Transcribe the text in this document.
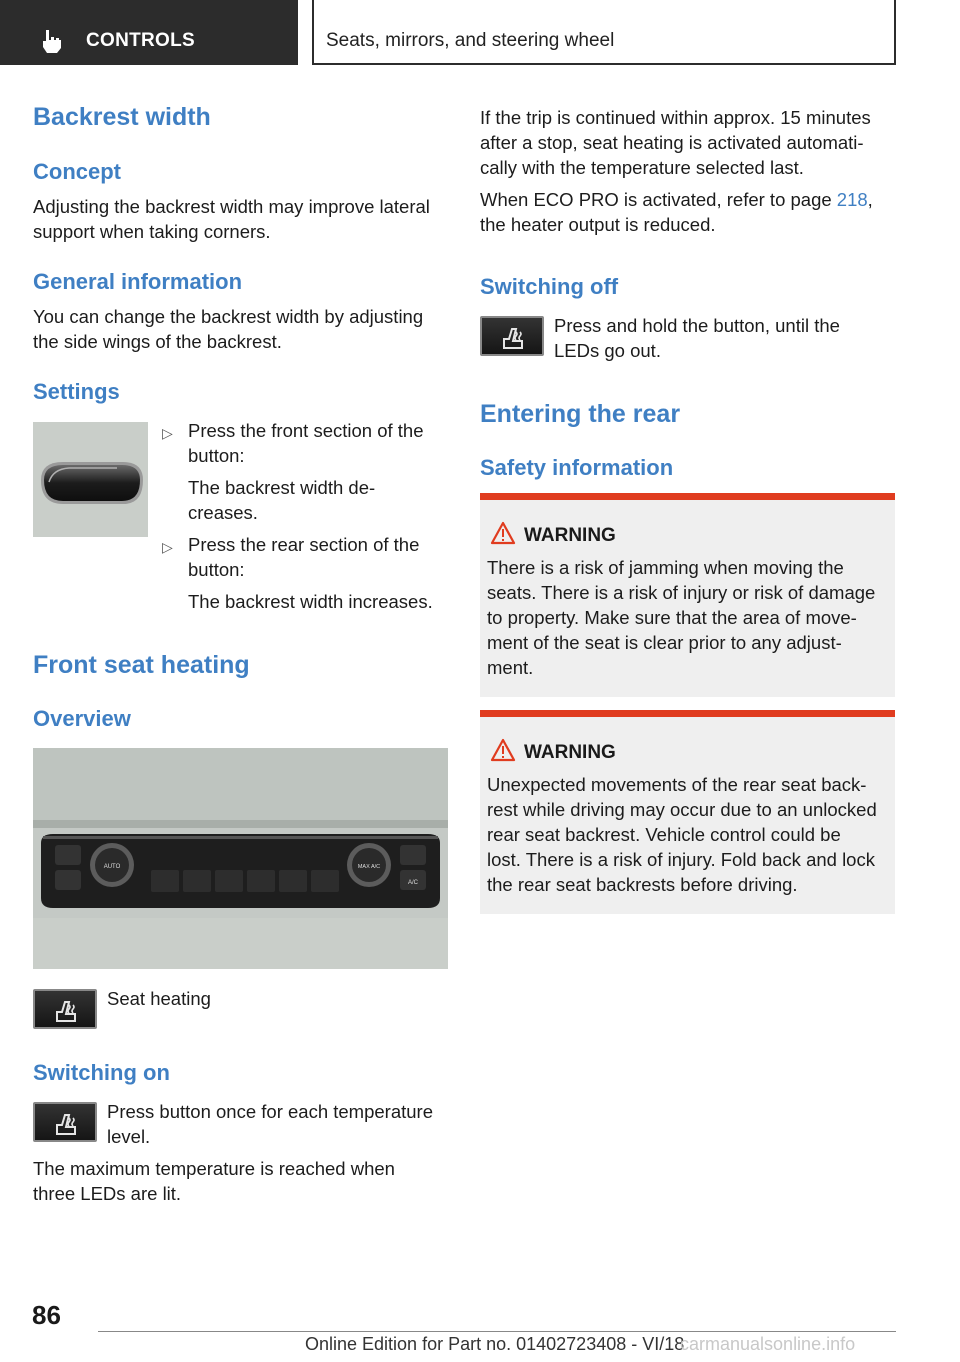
CONTROLS	Seats, mirrors, and steering wheel
Backrest width
Concept
Adjusting the backrest width may improve lateral support when taking corners.
General information
You can change the backrest width by adjusting the side wings of the backrest.
Settings
▷ Press the front section of the
button:
The backrest width de-
creases.
▷ Press the rear section of the
button:
The backrest width increases.
Front seat heating
Overview
AUTO	MAX A/C
A/C
Seat heating
Switching on
Press button once for each temperature
level.
The maximum temperature is reached when
three LEDs are lit.
If the trip is continued within approx. 15 minutes
after a stop, seat heating is activated automati-
cally with the temperature selected last.
When ECO PRO is activated, refer to page 218,
the heater output is reduced.
Switching off
Press and hold the button, until the
LEDs go out.
Entering the rear
Safety information
WARNING
There is a risk of jamming when moving the
seats. There is a risk of injury or risk of damage
to property. Make sure that the area of move-
ment of the seat is clear prior to any adjust-
ment.
WARNING
Unexpected movements of the rear seat back-
rest while driving may occur due to an unlocked
rear seat backrest. Vehicle control could be
lost. There is a risk of injury. Fold back and lock
the rear seat backrests before driving.
86
Online Edition for Part no. 01402723408 - VI/18
carmanualsonline.info
